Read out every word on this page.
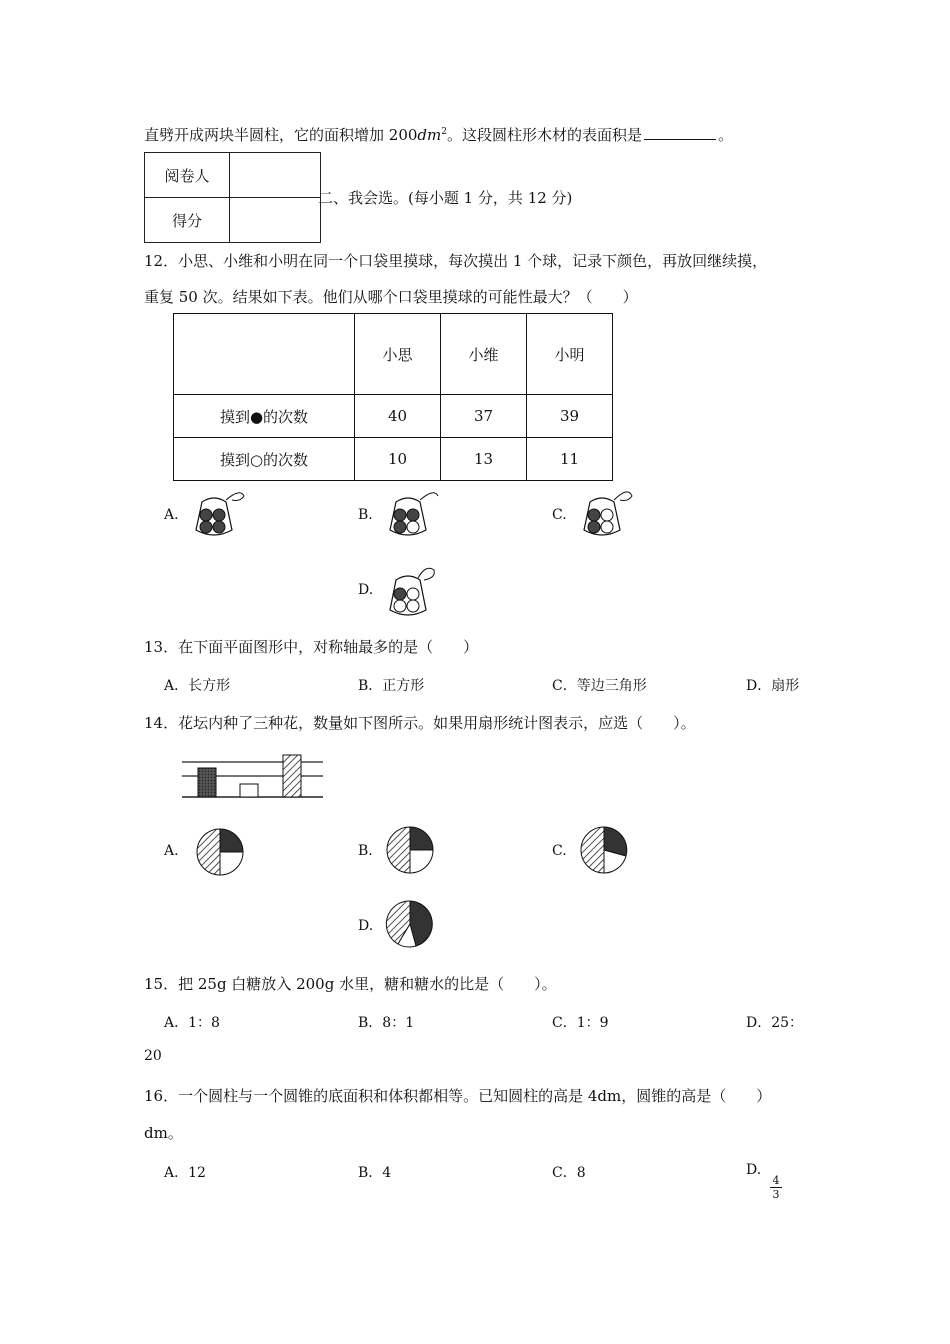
直劈开成两块半圆柱，它的面积增加 $200dm^2$。这段圆柱形木材的表面积是	。
阅卷人	
得分	
二、我会选。(每小题 1 分，共 12 分)
12．小思、小维和小明在同一个口袋里摸球，每次摸出 1 个球，记录下颜色，再放回继续摸，
重复 50 次。结果如下表。他们从哪个口袋里摸球的可能性最大？（　　）
	小思	小维	小明
摸到●的次数	40	37	39
摸到○的次数	10	13	11
A.	B.	C.
D.
13．在下面平面图形中，对称轴最多的是（　　）
A．长方形	B．正方形	C．等边三角形	D．扇形
14．花坛内种了三种花，数量如下图所示。如果用扇形统计图表示，应选（　　）。
A.	B.	C.
D.
15．把 25g 白糖放入 200g 水里，糖和糖水的比是（　　）。
A．1：8	B．8：1	C．1：9	D．25：
20
16．一个圆柱与一个圆锥的底面积和体积都相等。已知圆柱的高是 4dm，圆锥的高是（　　）
dm。
A．12	B．4	C．8	D.
$\frac{4}{3}$
